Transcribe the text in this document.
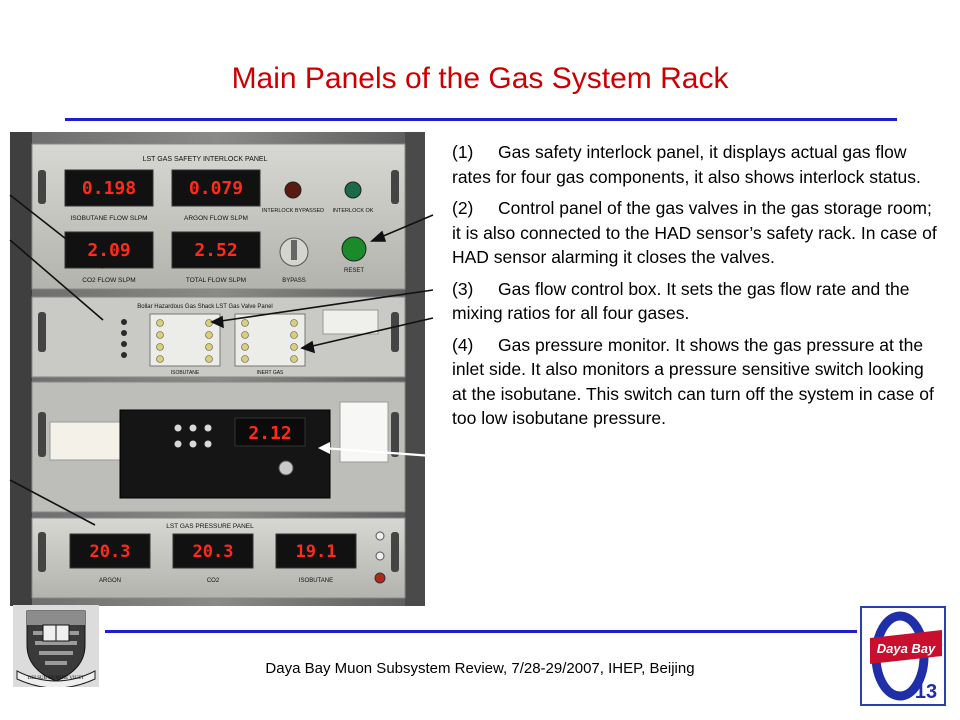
Main Panels of the Gas System Rack
LST GAS SAFETY INTERLOCK PANEL
0.198
ISOBUTANE FLOW SLPM
0.079
ARGON FLOW SLPM
2.09
CO2 FLOW SLPM
2.52
TOTAL FLOW SLPM
INTERLOCK BYPASSED INTERLOCK OK
BYPASS
RESET
Bollar Hazardous Gas Shack LST Gas Valve Panel
ISOBUTANE	INERT GAS
2.12
LST GAS PRESSURE PANEL
20.3
ARGON
20.3
CO2
19.1
ISOBUTANE

(1) Gas safety interlock panel, it displays actual gas flow rates for four gas components, it also shows interlock status.

(2) Control panel of the gas valves in the gas storage room; it is also connected to the HAD sensor’s safety rack. In case of HAD sensor alarming it closes the valves.

(3) Gas flow control box. It sets the gas flow rate and the mixing ratios for all four gases.

(4) Gas pressure monitor. It shows the gas pressure at the inlet side. It also monitors a pressure sensitive switch looking at the isobutane. This switch can turn off the system in case of too low isobutane pressure.

DEI SUB NUMINE VIGET
Daya Bay Muon Subsystem Review, 7/28-29/2007, IHEP, Beijing
Daya Bay
13
